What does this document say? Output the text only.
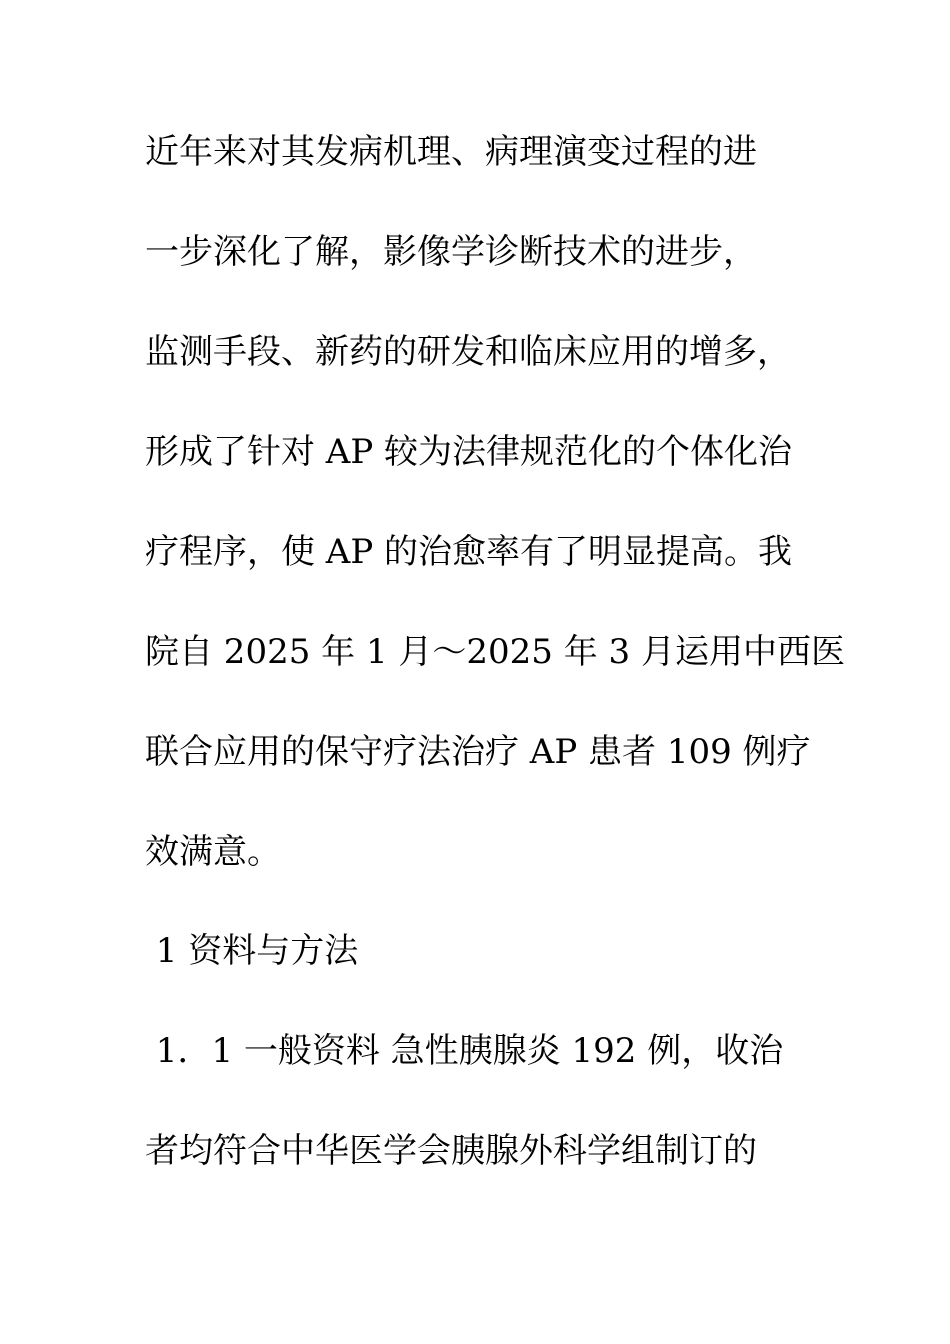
近年来对其发病机理、病理演变过程的进
一步深化了解，影像学诊断技术的进步，
监测手段、新药的研发和临床应用的增多，
形成了针对 AP 较为法律规范化的个体化治
疗程序，使 AP 的治愈率有了明显提高。我
院自 2025 年 1 月～2025 年 3 月运用中西医
联合应用的保守疗法治疗 AP 患者 109 例疗
效满意。
1 资料与方法
1．1 一般资料 急性胰腺炎 192 例，收治
者均符合中华医学会胰腺外科学组制订的
